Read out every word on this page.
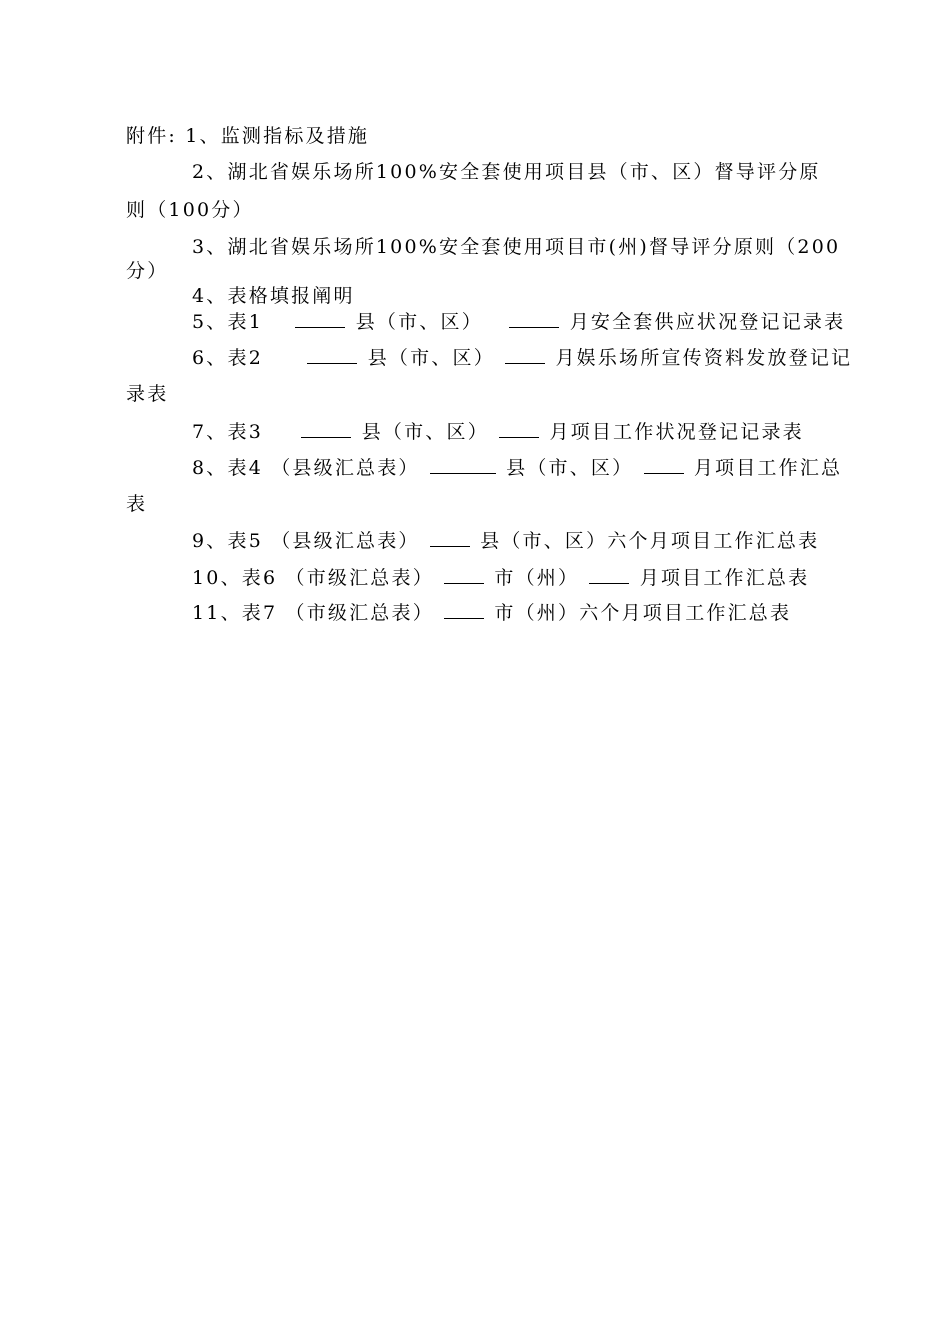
附件: 1、监测指标及措施
2、湖北省娱乐场所100%安全套使用项目县（市、区）督导评分原
则（100分）
3、湖北省娱乐场所100%安全套使用项目市(州)督导评分原则（200
分）
4、表格填报阐明
5、表1	县（市、区）	月安全套供应状况登记记录表
6、表2	县（市、区）	月娱乐场所宣传资料发放登记记
录表
7、表3	县（市、区）	月项目工作状况登记记录表
8、表4 （县级汇总表）	县（市、区）	月项目工作汇总
表
9、表5 （县级汇总表）	县（市、区）六个月项目工作汇总表
10、表6 （市级汇总表）	市（州）	月项目工作汇总表
11、表7 （市级汇总表）	市（州）六个月项目工作汇总表
